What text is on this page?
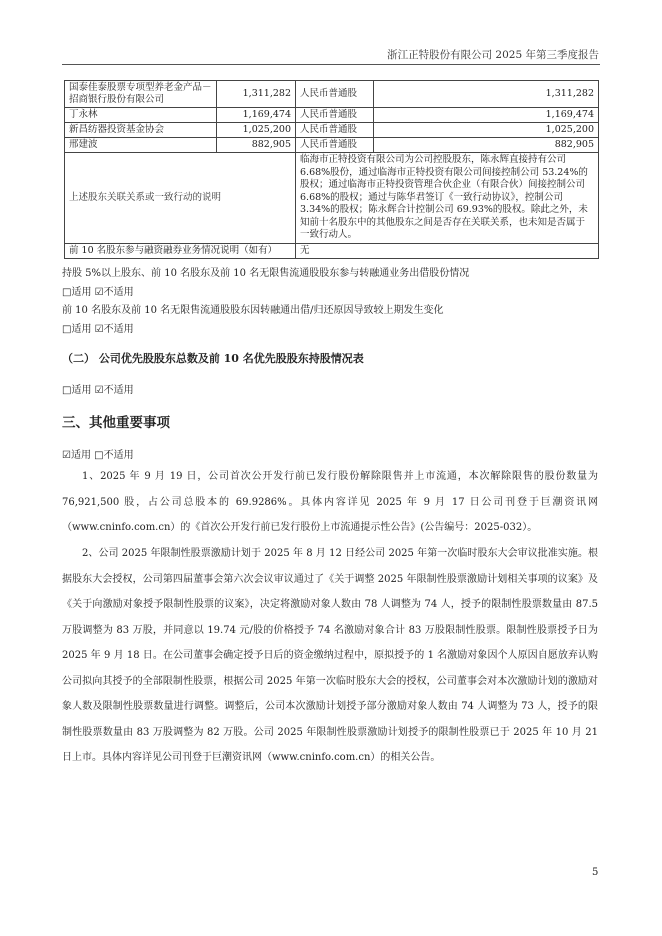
浙江正特股份有限公司 2025 年第三季度报告
国泰佳泰股票专项型养老金产品－招商银行股份有限公司	1,311,282	人民币普通股	1,311,282
丁永林	1,169,474	人民币普通股	1,169,474
新昌纺器投资基金协会	1,025,200	人民币普通股	1,025,200
邢建波	882,905	人民币普通股	882,905
上述股东关联关系或一致行动的说明		临海市正特投资有限公司为公司控股股东，陈永辉直接持有公司 6.68%股份，通过临海市正特投资有限公司间接控制公司 53.24%的股权；通过临海市正特投资管理合伙企业（有限合伙）间接控制公司 6.68%的股权；通过与陈华君签订《一致行动协议》，控制公司 3.34%的股权；陈永辉合计控制公司 69.93%的股权。除此之外，未知前十名股东中的其他股东之间是否存在关联关系，也未知是否属于一致行动人。	
前 10 名股东参与融资融券业务情况说明（如有）		无	
持股 5%以上股东、前 10 名股东及前 10 名无限售流通股股东参与转融通业务出借股份情况
□适用 ☑不适用
前 10 名股东及前 10 名无限售流通股股东因转融通出借/归还原因导致较上期发生变化
□适用 ☑不适用
（二） 公司优先股股东总数及前 10 名优先股股东持股情况表
□适用 ☑不适用
三、其他重要事项
☑适用 □不适用
1、2025 年 9 月 19 日，公司首次公开发行前已发行股份解除限售并上市流通，本次解除限售的股份数量为 76,921,500 股，占公司总股本的 69.9286%。具体内容详见 2025 年 9 月 17 日公司刊登于巨潮资讯网（www.cninfo.com.cn）的《首次公开发行前已发行股份上市流通提示性公告》(公告编号：2025-032）。
2、公司 2025 年限制性股票激励计划于 2025 年 8 月 12 日经公司 2025 年第一次临时股东大会审议批准实施。根据股东大会授权，公司第四届董事会第六次会议审议通过了《关于调整 2025 年限制性股票激励计划相关事项的议案》及《关于向激励对象授予限制性股票的议案》，决定将激励对象人数由 78 人调整为 74 人，授予的限制性股票数量由 87.5 万股调整为 83 万股，并同意以 19.74 元/股的价格授予 74 名激励对象合计 83 万股限制性股票。限制性股票授予日为 2025 年 9 月 18 日。在公司董事会确定授予日后的资金缴纳过程中，原拟授予的 1 名激励对象因个人原因自愿放弃认购公司拟向其授予的全部限制性股票，根据公司 2025 年第一次临时股东大会的授权，公司董事会对本次激励计划的激励对象人数及限制性股票数量进行调整。调整后，公司本次激励计划授予部分激励对象人数由 74 人调整为 73 人，授予的限制性股票数量由 83 万股调整为 82 万股。公司 2025 年限制性股票激励计划授予的限制性股票已于 2025 年 10 月 21 日上市。具体内容详见公司刊登于巨潮资讯网（www.cninfo.com.cn）的相关公告。
5
